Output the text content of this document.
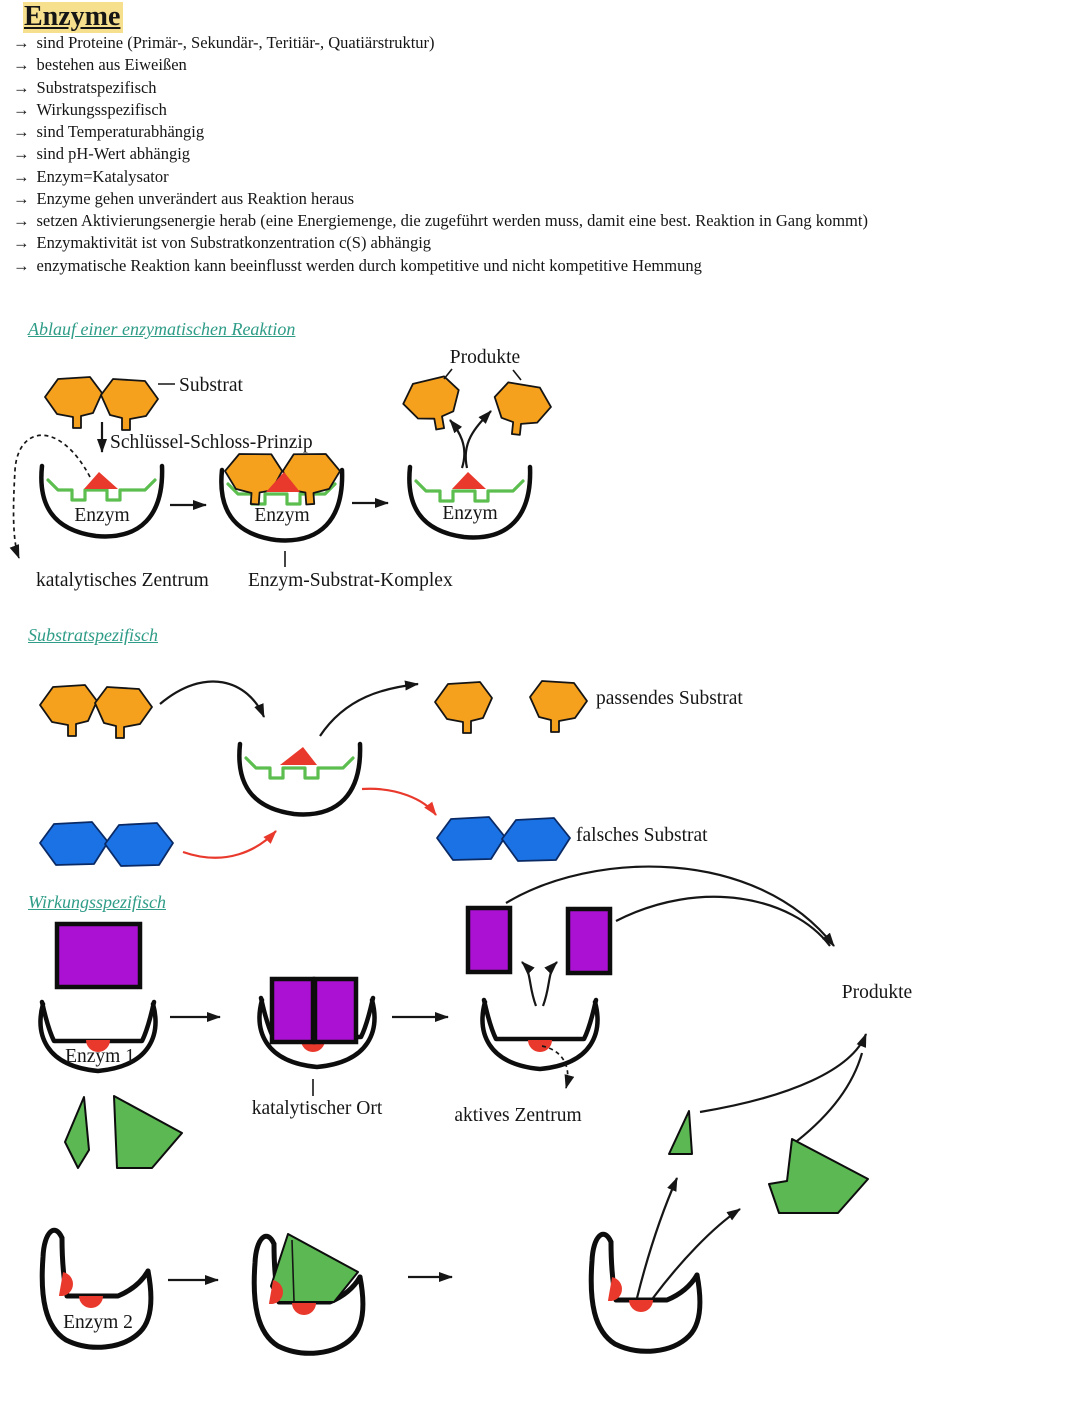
Enzyme
→ sind Proteine (Primär-, Sekundär-, Teritiär-, Quatiärstruktur)
→ bestehen aus Eiweißen
→ Substratspezifisch
→ Wirkungsspezifisch
→ sind Temperaturabhängig
→ sind pH-Wert abhängig
→ Enzym=Katalysator
→ Enzyme gehen unverändert aus Reaktion heraus
→ setzen Aktivierungsenergie herab (eine Energiemenge, die zugeführt werden muss, damit eine best. Reaktion in Gang kommt)
→ Enzymaktivität ist von Substratkonzentration c(S) abhängig
→ enzymatische Reaktion kann beeinflusst werden durch kompetitive und nicht kompetitive Hemmung
Ablauf einer enzymatischen Reaktion
Substratspezifisch
Wirkungsspezifisch
Substrat
Schlüssel-Schloss-Prinzip
Enzym
katalytisches Zentrum
Enzym
Enzym-Substrat-Komplex
Enzym
Produkte
passendes Substrat
falsches Substrat
Enzym 1
katalytischer Ort	aktives Zentrum
Produkte
Enzym 2
